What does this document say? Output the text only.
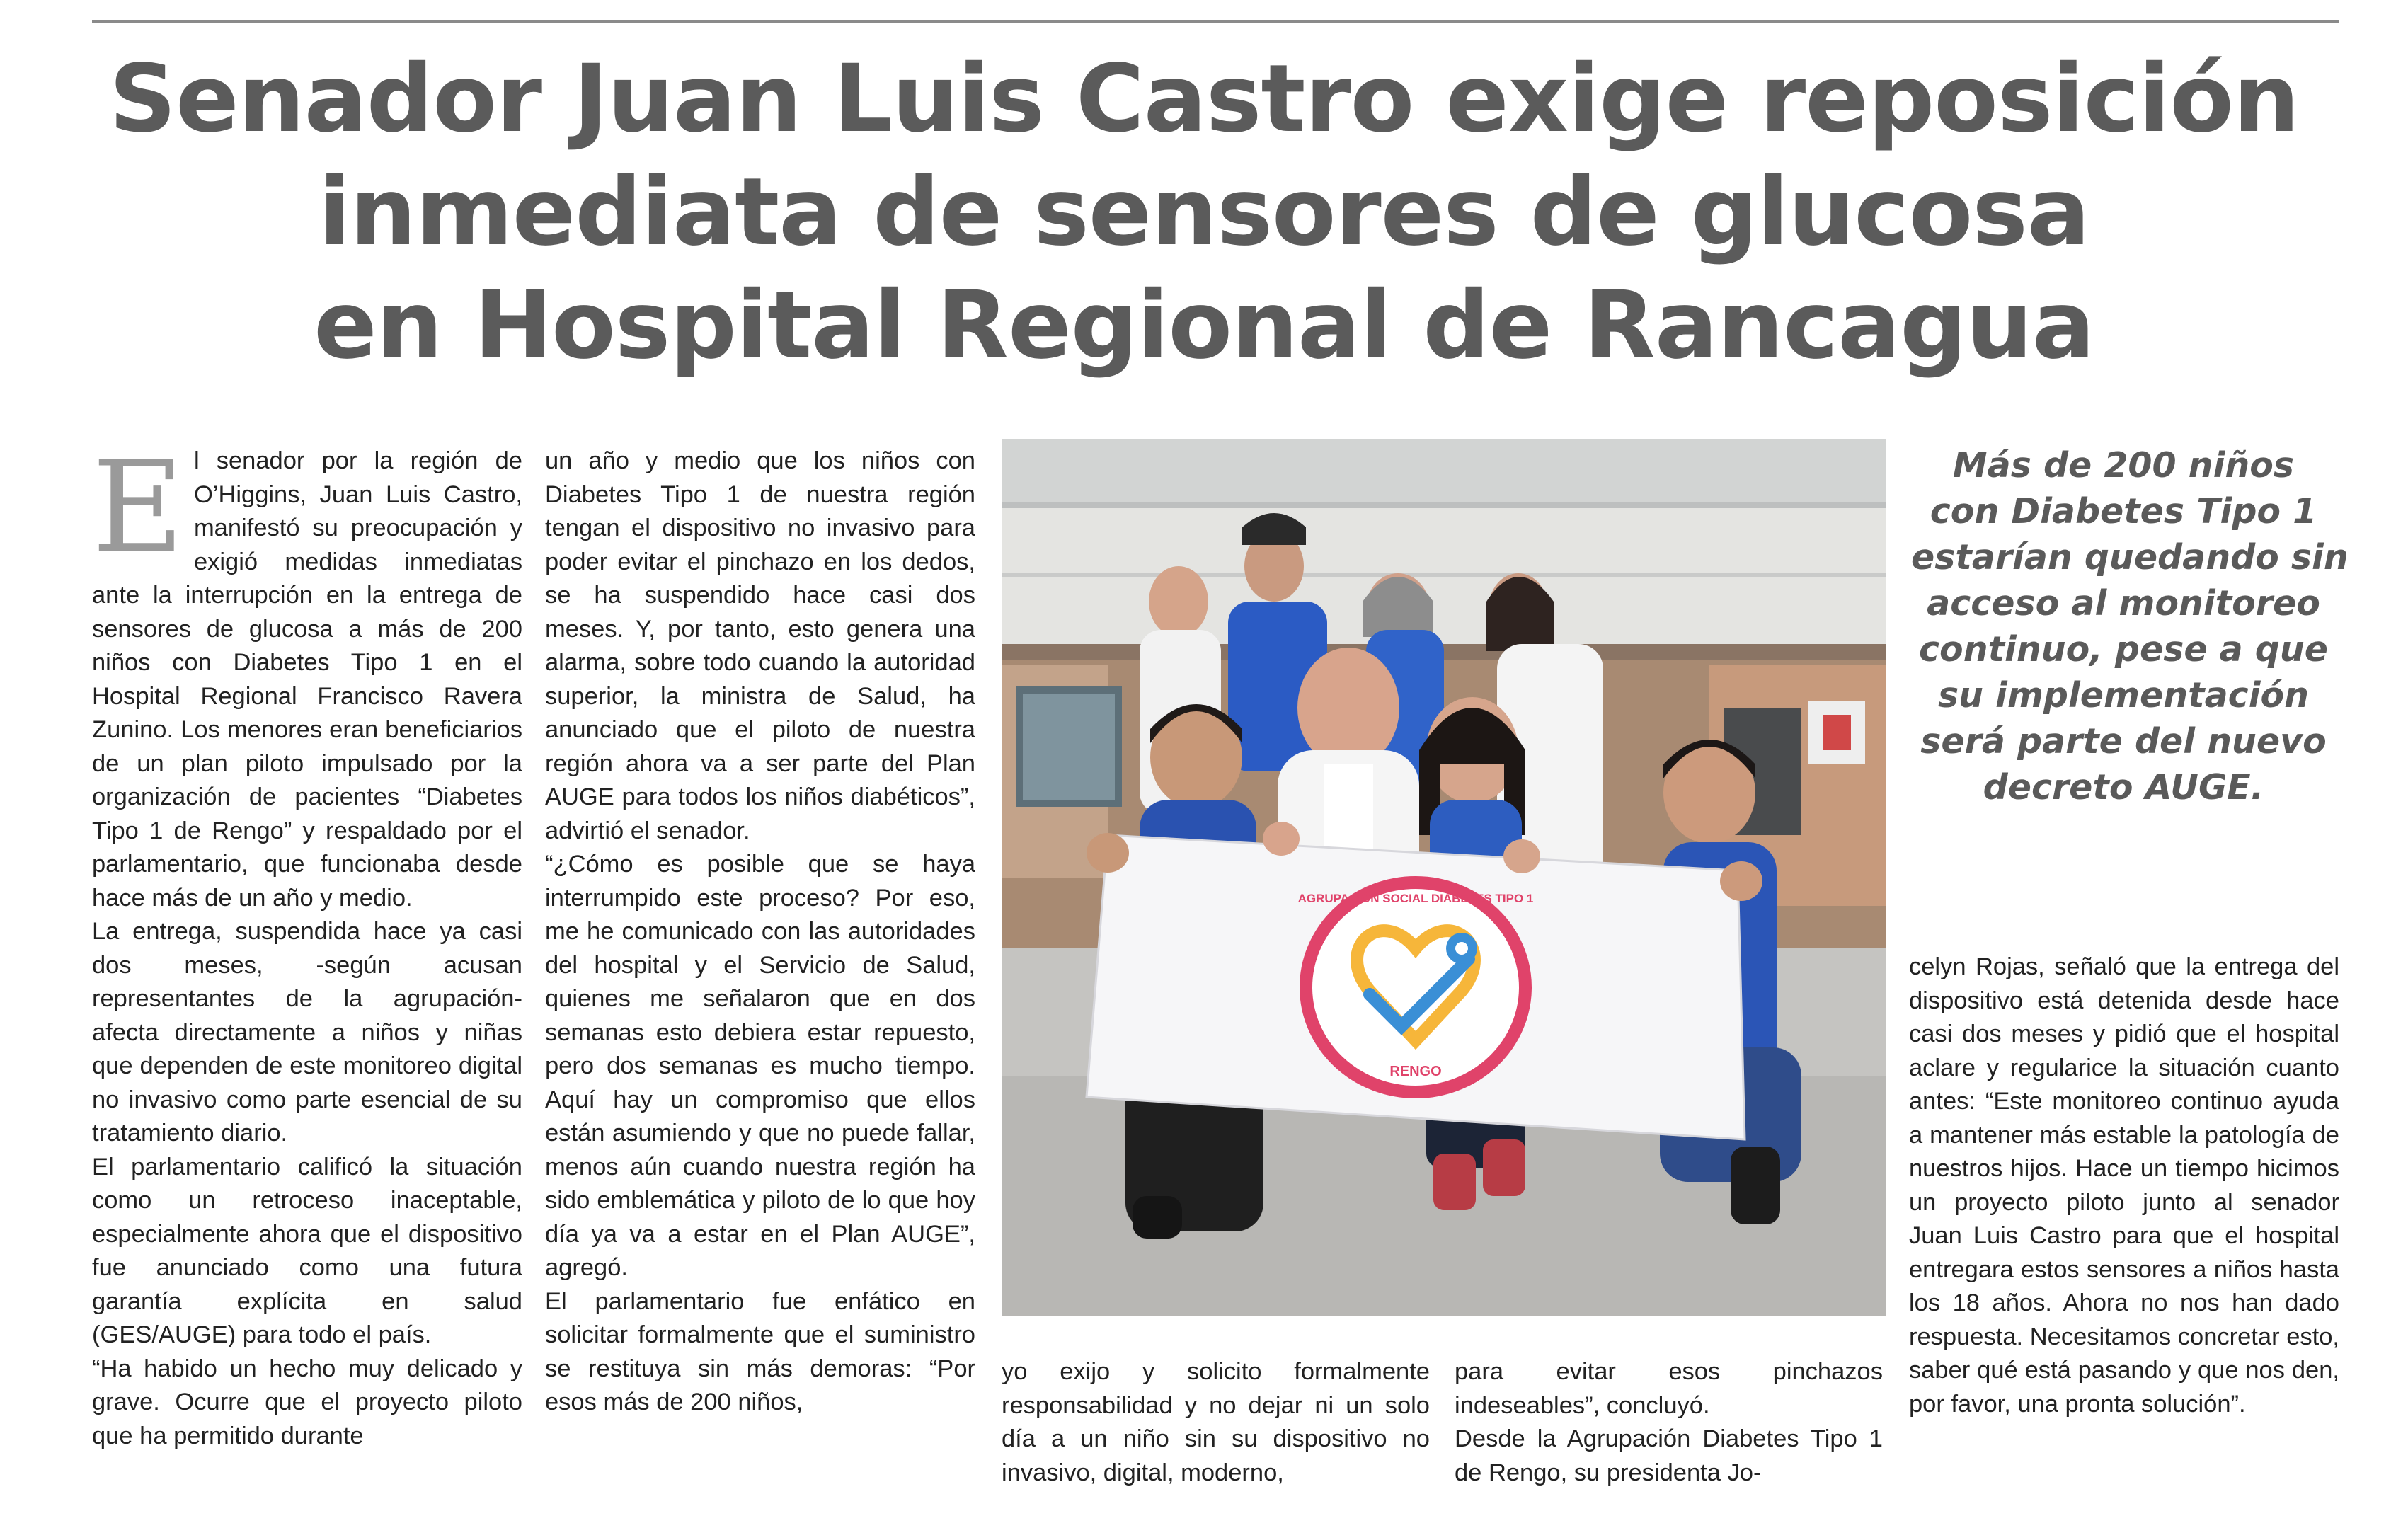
Senador Juan Luis Castro exige reposición
inmediata de sensores de glucosa
en Hospital Regional de Rancagua
E l senador por la región de O’Higgins, Juan Luis Castro, manifestó su preocupación y exigió medidas inmediatas ante la interrupción en la entrega de sensores de glucosa a más de 200 niños con Diabetes Tipo 1 en el Hospital Regional Francisco Ravera Zunino. Los menores eran beneficiarios de un plan piloto impulsado por la organización de pacientes “Diabetes Tipo 1 de Rengo” y respaldado por el parlamentario, que funcionaba desde hace más de un año y medio.

La entrega, suspendida hace ya casi dos meses, -según acusan representantes de la agrupación- afecta directamente a niños y niñas que dependen de este monitoreo digital no invasivo como parte esencial de su tratamiento diario.

El parlamentario calificó la situación como un retroceso inaceptable, especialmente ahora que el dispositivo fue anunciado como una futura garantía explícita en salud (GES/AUGE) para todo el país.

“Ha habido un hecho muy delicado y grave. Ocurre que el proyecto piloto que ha permitido durante

un año y medio que los niños con Diabetes Tipo 1 de nuestra región tengan el dispositivo no invasivo para poder evitar el pinchazo en los dedos, se ha suspendido hace casi dos meses. Y, por tanto, esto genera una alarma, sobre todo cuando la autoridad superior, la ministra de Salud, ha anunciado que el piloto de nuestra región ahora va a ser parte del Plan AUGE para todos los niños diabéticos”, advirtió el senador.

“¿Cómo es posible que se haya interrumpido este proceso? Por eso, me he comunicado con las autoridades del hospital y el Servicio de Salud, quienes me señalaron que en dos semanas esto debiera estar repuesto, pero dos semanas es mucho tiempo. Aquí hay un compromiso que ellos están asumiendo y que no puede fallar, menos aún cuando nuestra región ha sido emblemática y piloto de lo que hoy día ya va a estar en el Plan AUGE”, agregó.

El parlamentario fue enfático en solicitar formalmente que el suministro se restituya sin más demoras: “Por esos más de 200 niños,

AGRUPACIÓN SOCIAL DIABETES TIPO 1
RENGO
Más de 200 niños
con Diabetes Tipo 1
estarían quedando sin
acceso al monitoreo
continuo, pese a que
su implementación
será parte del nuevo
decreto AUGE.

yo exijo y solicito formalmente responsabilidad y no dejar ni un solo día a un niño sin su dispositivo no invasivo, digital, moderno,

para evitar esos pinchazos indeseables”, concluyó.

Desde la Agrupación Diabetes Tipo 1 de Rengo, su presidenta Jo-

celyn Rojas, señaló que la entrega del dispositivo está detenida desde hace casi dos meses y pidió que el hospital aclare y regularice la situación cuanto antes: “Este monitoreo continuo ayuda a mantener más estable la patología de nuestros hijos. Hace un tiempo hicimos un proyecto piloto junto al senador Juan Luis Castro para que el hospital entregara estos sensores a niños hasta los 18 años. Ahora no nos han dado respuesta. Necesitamos concretar esto, saber qué está pasando y que nos den, por favor, una pronta solución”.
